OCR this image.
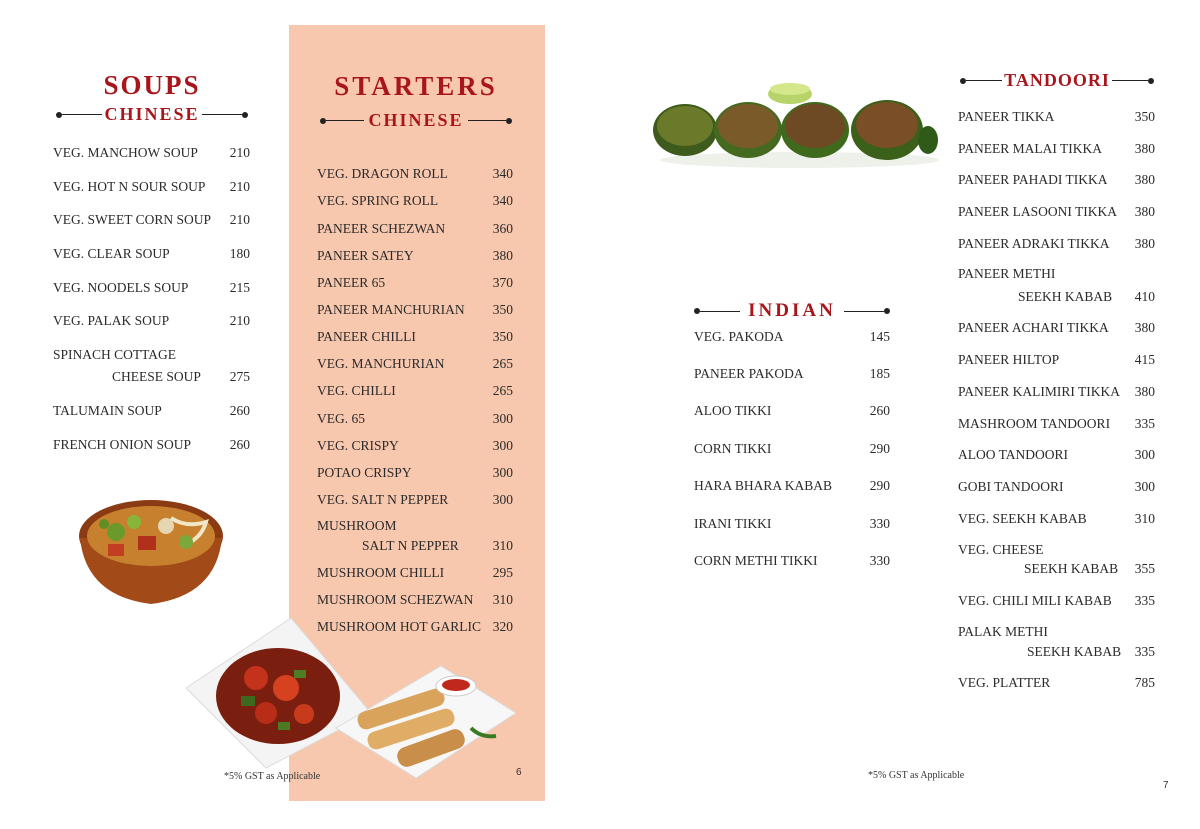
SOUPS
CHINESE
VEG. MANCHOW SOUP 210
VEG. HOT N SOUR SOUP 210
VEG. SWEET CORN SOUP 210
VEG. CLEAR SOUP	180
VEG. NOODELS SOUP	215
VEG. PALAK SOUP	210
SPINACH COTTAGE
CHEESE SOUP 275
TALUMAIN SOUP	260
FRENCH ONION SOUP	260
STARTERS
CHINESE
VEG. DRAGON ROLL	340
VEG. SPRING ROLL	340
PANEER SCHEZWAN	360
PANEER SATEY	380
PANEER 65	370
PANEER MANCHURIAN 350
PANEER CHILLI	350
VEG. MANCHURIAN	265
VEG. CHILLI	265
VEG. 65	300
VEG. CRISPY	300
POTAO CRISPY	300
VEG. SALT N PEPPER	300
MUSHROOM
SALT N PEPPER	310
MUSHROOM CHILLI	295
MUSHROOM SCHEZWAN 310
MUSHROOM HOT GARLIC 320
*5% GST as Applicable	6
INDIAN
VEG. PAKODA	145
PANEER PAKODA	185
ALOO TIKKI	260
CORN TIKKI	290
HARA BHARA KABAB	290
IRANI TIKKI	330
CORN METHI TIKKI	330
TANDOORI
PANEER TIKKA	350
PANEER MALAI TIKKA 380
PANEER PAHADI TIKKA 380
PANEER LASOONI TIKKA 380
PANEER ADRAKI TIKKA 380
PANEER METHI
SEEKH KABAB 410
PANEER ACHARI TIKKA 380
PANEER HILTOP	415
PANEER KALIMIRI TIKKA 380
MASHROOM TANDOORI 335
ALOO TANDOORI	300
GOBI TANDOORI	300
VEG. SEEKH KABAB	310
VEG. CHEESE
SEEKH KABAB 355
VEG. CHILI MILI KABAB 335
PALAK METHI
SEEKH KABAB 335
VEG. PLATTER	785
*5% GST as Applicable
7
